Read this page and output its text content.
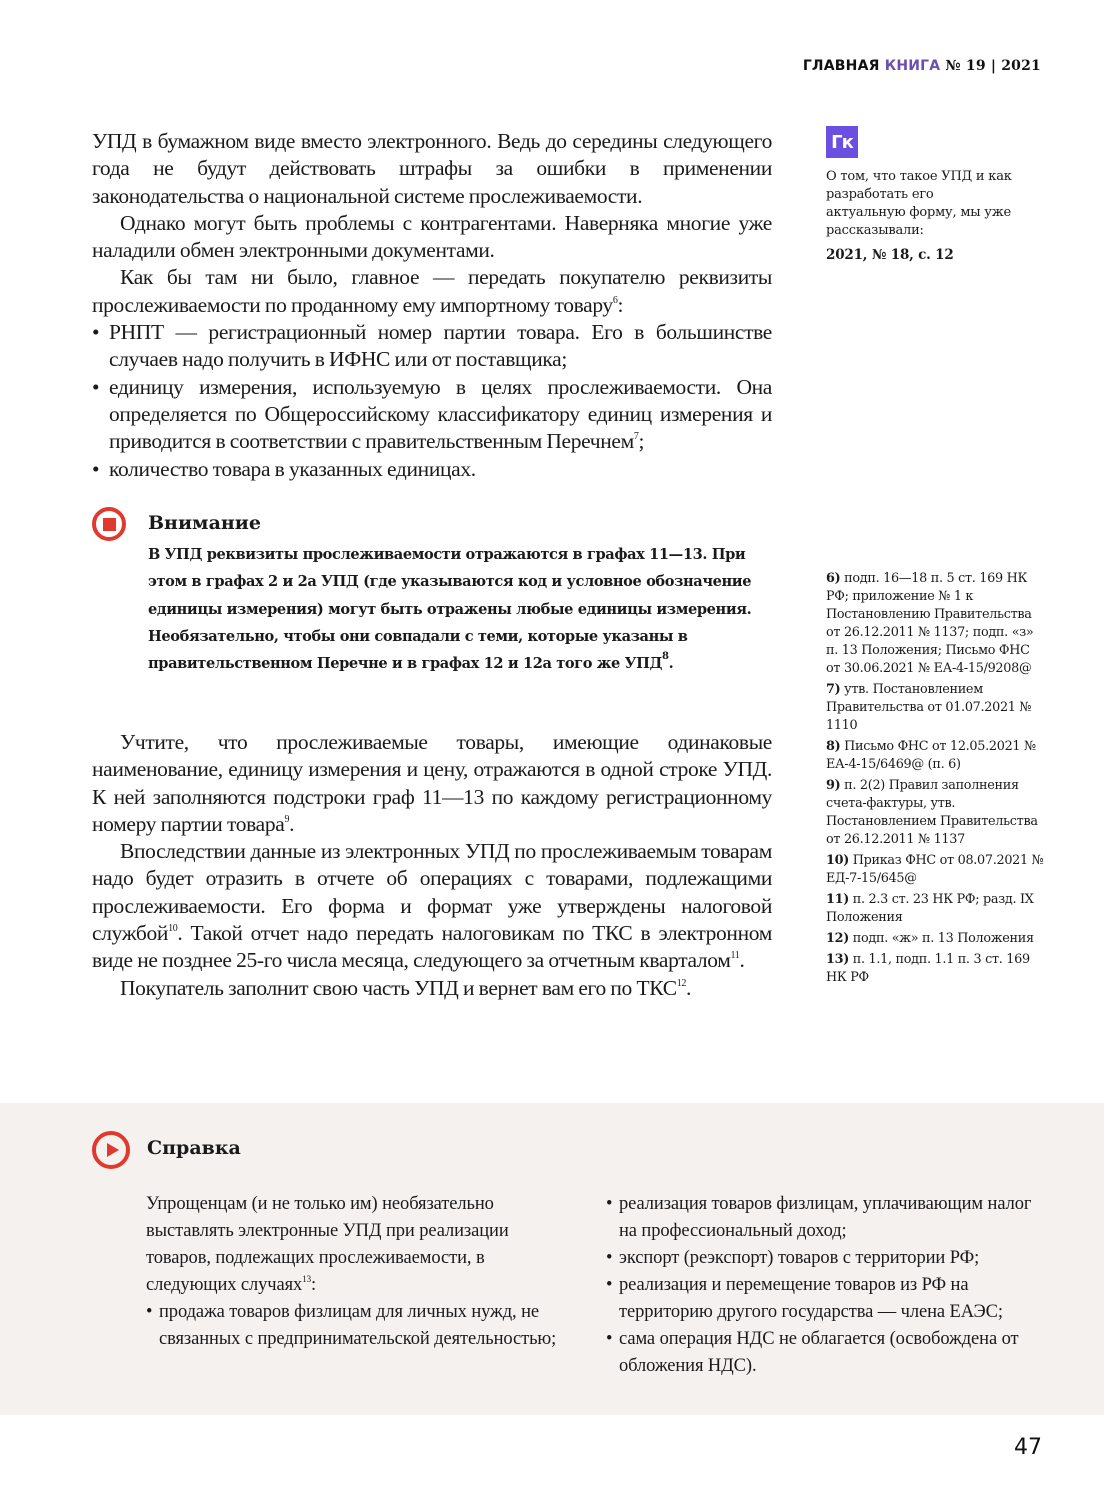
ГЛАВНАЯ КНИГА № 19 | 2021

УПД в бумажном виде вместо электронного. Ведь до середины следующего года не будут действовать штрафы за ошибки в применении законодательства о национальной системе прослеживаемости.

Однако могут быть проблемы с контрагентами. Наверняка многие уже наладили обмен электронными документами.

Как бы там ни было, главное — передать покупателю реквизиты прослеживаемости по проданному ему импортному товару$^6$:

• РНПТ — регистрационный номер партии товара. Его в большинстве случаев надо получить в ИФНС или от поставщика;
• единицу измерения, используемую в целях прослеживаемости. Она определяется по Общероссийскому классификатору единиц измерения и приводится в соответствии с правительственным Перечнем$^7$;
• количество товара в указанных единицах.
Внимание
В УПД реквизиты прослеживаемости отражаются в графах 11—13. При этом в графах 2 и 2а УПД (где указываются код и условное обозначение единицы измерения) могут быть отражены любые единицы измерения. Необязательно, чтобы они совпадали с теми, которые указаны в правительственном Перечне и в графах 12 и 12а того же УПД$^8$.

Учтите, что прослеживаемые товары, имеющие одинаковые наименование, единицу измерения и цену, отражаются в одной строке УПД. К ней заполняются подстроки граф 11—13 по каждому регистрационному номеру партии товара$^9$.

Впоследствии данные из электронных УПД по прослеживаемым товарам надо будет отразить в отчете об операциях с товарами, подлежащими прослеживаемости. Его форма и формат уже утверждены налоговой службой$^{10}$. Такой отчет надо передать налоговикам по ТКС в электронном виде не позднее 25-го числа месяца, следующего за отчетным кварталом$^{11}$.

Покупатель заполнит свою часть УПД и вернет вам его по ТКС$^{12}$.

Гк
О том, что такое УПД и как разработать его актуальную форму, мы уже рассказывали:
2021, № 18, с. 12
6) подп. 16—18 п. 5 ст. 169 НК РФ; приложение № 1 к Постановлению Правительства от 26.12.2011 № 1137; подп. «з» п. 13 Положения; Письмо ФНС от 30.06.2021 № ЕА-4-15/9208@
7) утв. Постановлением Правительства от 01.07.2021 № 1110
8) Письмо ФНС от 12.05.2021 № ЕА-4-15/6469@ (п. 6)
9) п. 2(2) Правил заполнения счета-фактуры, утв. Постановлением Правительства от 26.12.2011 № 1137
10) Приказ ФНС от 08.07.2021 № ЕД-7-15/645@
11) п. 2.3 ст. 23 НК РФ; разд. IX Положения
12) подп. «ж» п. 13 Положения
13) п. 1.1, подп. 1.1 п. 3 ст. 169 НК РФ
Справка

Упрощенцам (и не только им) необязательно выставлять электронные УПД при реализации товаров, подлежащих прослеживаемости, в следующих случаях$^{13}$:

• продажа товаров физлицам для личных нужд, не связанных с предпринимательской деятельностью;
• реализация товаров физлицам, уплачивающим налог на профессиональный доход;
• экспорт (реэкспорт) товаров с территории РФ;
• реализация и перемещение товаров из РФ на территорию другого государства — члена ЕАЭС;
• сама операция НДС не облагается (освобождена от обложения НДС).
47
